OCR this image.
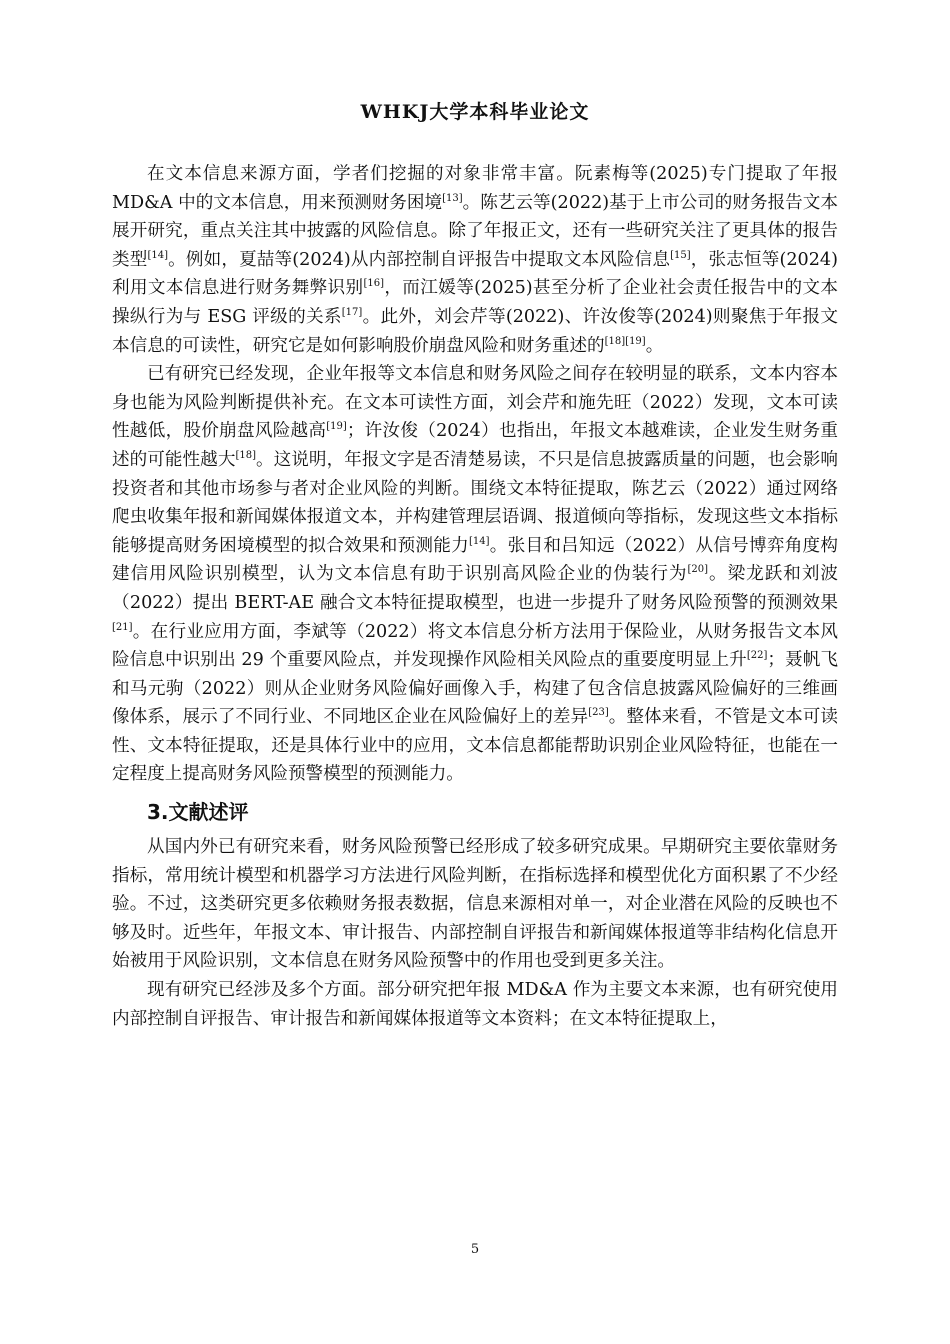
WHKJ大学本科毕业论文

在文本信息来源方面，学者们挖掘的对象非常丰富。阮素梅等(2025)专门提取了年报 MD&A 中的文本信息，用来预测财务困境[13]。陈艺云等(2022)基于上市公司的财务报告文本展开研究，重点关注其中披露的风险信息。除了年报正文，还有一些研究关注了更具体的报告类型[14]。例如，夏喆等(2024)从内部控制自评报告中提取文本风险信息[15]，张志恒等(2024)利用文本信息进行财务舞弊识别[16]，而江媛等(2025)甚至分析了企业社会责任报告中的文本操纵行为与 ESG 评级的关系[17]。此外，刘会芹等(2022)、许汝俊等(2024)则聚焦于年报文本信息的可读性，研究它是如何影响股价崩盘风险和财务重述的[18][19]。

已有研究已经发现，企业年报等文本信息和财务风险之间存在较明显的联系，文本内容本身也能为风险判断提供补充。在文本可读性方面，刘会芹和施先旺（2022）发现，文本可读性越低，股价崩盘风险越高[19]；许汝俊（2024）也指出，年报文本越难读，企业发生财务重述的可能性越大[18]。这说明，年报文字是否清楚易读，不只是信息披露质量的问题，也会影响投资者和其他市场参与者对企业风险的判断。围绕文本特征提取，陈艺云（2022）通过网络爬虫收集年报和新闻媒体报道文本，并构建管理层语调、报道倾向等指标，发现这些文本指标能够提高财务困境模型的拟合效果和预测能力[14]。张目和吕知远（2022）从信号博弈角度构建信用风险识别模型，认为文本信息有助于识别高风险企业的伪装行为[20]。梁龙跃和刘波（2022）提出 BERT-AE 融合文本特征提取模型，也进一步提升了财务风险预警的预测效果[21]。在行业应用方面，李斌等（2022）将文本信息分析方法用于保险业，从财务报告文本风险信息中识别出 29 个重要风险点，并发现操作风险相关风险点的重要度明显上升[22]；聂帆飞和马元驹（2022）则从企业财务风险偏好画像入手，构建了包含信息披露风险偏好的三维画像体系，展示了不同行业、不同地区企业在风险偏好上的差异[23]。整体来看，不管是文本可读性、文本特征提取，还是具体行业中的应用，文本信息都能帮助识别企业风险特征，也能在一定程度上提高财务风险预警模型的预测能力。

3.文献述评

从国内外已有研究来看，财务风险预警已经形成了较多研究成果。早期研究主要依靠财务指标，常用统计模型和机器学习方法进行风险判断，在指标选择和模型优化方面积累了不少经验。不过，这类研究更多依赖财务报表数据，信息来源相对单一，对企业潜在风险的反映也不够及时。近些年，年报文本、审计报告、内部控制自评报告和新闻媒体报道等非结构化信息开始被用于风险识别，文本信息在财务风险预警中的作用也受到更多关注。

现有研究已经涉及多个方面。部分研究把年报 MD&A 作为主要文本来源，也有研究使用内部控制自评报告、审计报告和新闻媒体报道等文本资料；在文本特征提取上，

5
